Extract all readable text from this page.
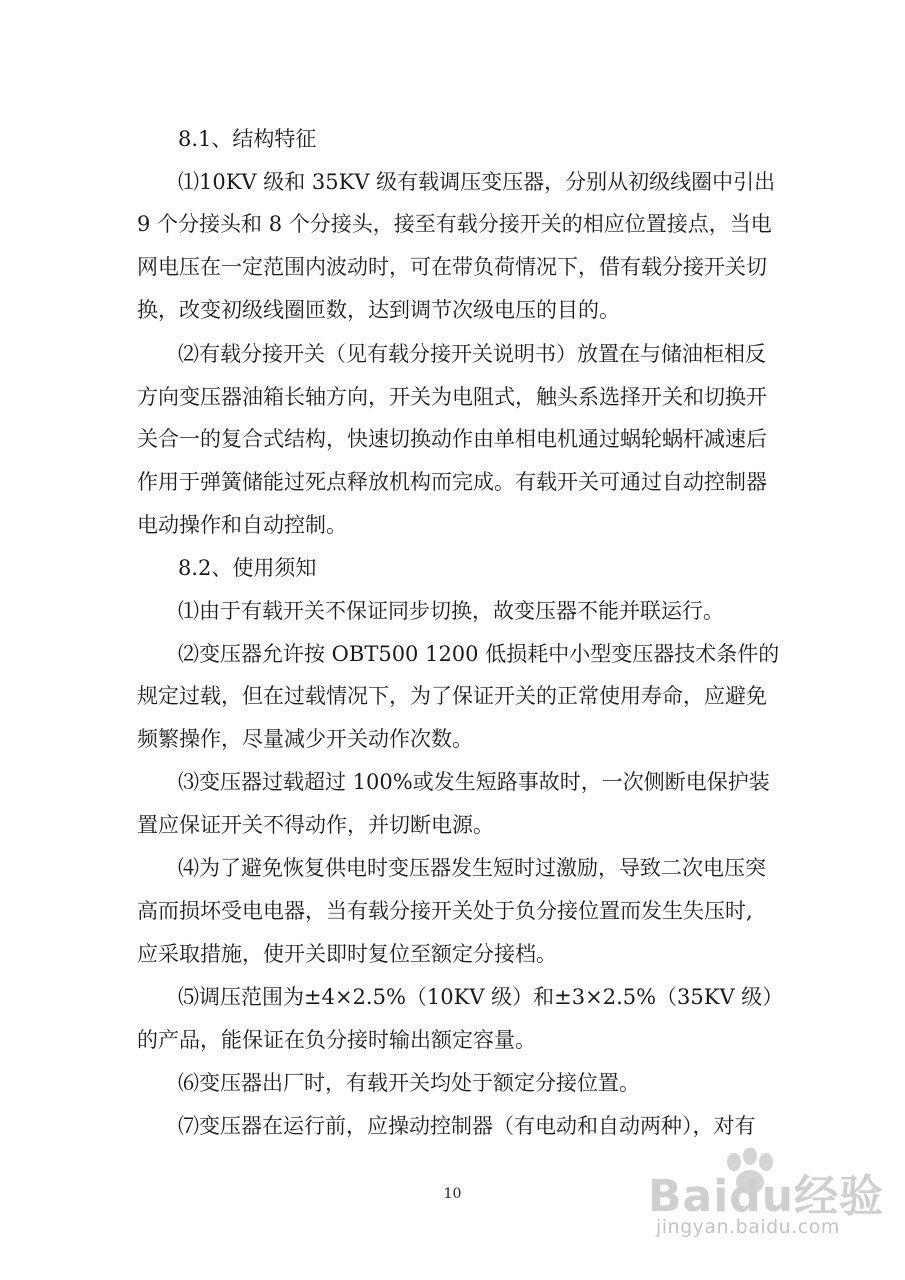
8.1、结构特征
⑴10KV 级和 35KV 级有载调压变压器，分别从初级线圈中引出
9 个分接头和 8 个分接头，接至有载分接开关的相应位置接点，当电
网电压在一定范围内波动时，可在带负荷情况下，借有载分接开关切
换，改变初级线圈匝数，达到调节次级电压的目的。
⑵有载分接开关（见有载分接开关说明书）放置在与储油柜相反
方向变压器油箱长轴方向，开关为电阻式，触头系选择开关和切换开
关合一的复合式结构，快速切换动作由单相电机通过蜗轮蜗杆减速后
作用于弹簧储能过死点释放机构而完成。有载开关可通过自动控制器
电动操作和自动控制。
8.2、使用须知
⑴由于有载开关不保证同步切换，故变压器不能并联运行。
⑵变压器允许按 OBT500 1200 低损耗中小型变压器技术条件的
规定过载，但在过载情况下，为了保证开关的正常使用寿命，应避免
频繁操作，尽量减少开关动作次数。
⑶变压器过载超过 100%或发生短路事故时，一次侧断电保护装
置应保证开关不得动作，并切断电源。
⑷为了避免恢复供电时变压器发生短时过激励，导致二次电压突
高而损坏受电电器，当有载分接开关处于负分接位置而发生失压时,
应采取措施，使开关即时复位至额定分接档。
⑸调压范围为±4×2.5%（10KV 级）和±3×2.5%（35KV 级）
的产品，能保证在负分接时输出额定容量。
⑹变压器出厂时，有载开关均处于额定分接位置。
⑺变压器在运行前，应操动控制器（有电动和自动两种），对有
10	Baidu经验
jingyan.baidu.com
